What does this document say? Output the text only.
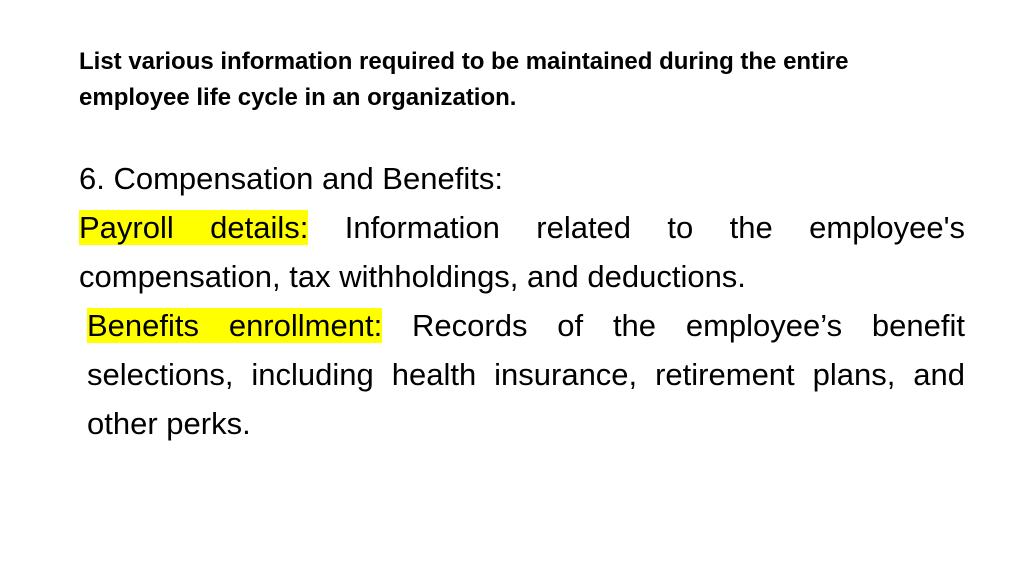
List various information required to be maintained during the entire employee life cycle in an organization.

6. Compensation and Benefits:

Payroll details: Information related to the employee's compensation, tax withholdings, and deductions.

Benefits enrollment: Records of the employee’s benefit selections, including health insurance, retirement plans, and other perks.
